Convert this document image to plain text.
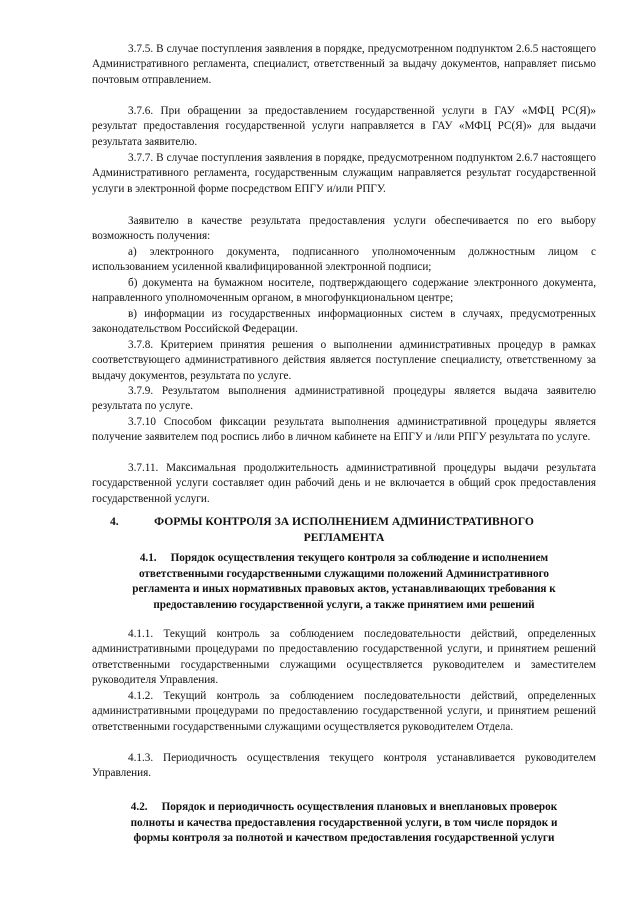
3.7.5. В случае поступления заявления в порядке, предусмотренном подпунктом 2.6.5 настоящего Административного регламента, специалист, ответственный за выдачу документов, направляет письмо почтовым отправлением.

3.7.6. При обращении за предоставлением государственной услуги в ГАУ «МФЦ РС(Я)» результат предоставления государственной услуги направляется в ГАУ «МФЦ РС(Я)» для выдачи результата заявителю.

3.7.7. В случае поступления заявления в порядке, предусмотренном подпунктом 2.6.7 настоящего Административного регламента, государственным служащим направляется результат государственной услуги в электронной форме посредством ЕПГУ и/или РПГУ.

Заявителю в качестве результата предоставления услуги обеспечивается по его выбору возможность получения:

а) электронного документа, подписанного уполномоченным должностным лицом с использованием усиленной квалифицированной электронной подписи;

б) документа на бумажном носителе, подтверждающего содержание электронного документа, направленного уполномоченным органом, в многофункциональном центре;

в) информации из государственных информационных систем в случаях, предусмотренных законодательством Российской Федерации.

3.7.8. Критерием принятия решения о выполнении административных процедур в рамках соответствующего административного действия является поступление специалисту, ответственному за выдачу документов, результата по услуге.

3.7.9. Результатом выполнения административной процедуры является выдача заявителю результата по услуге.

3.7.10 Способом фиксации результата выполнения административной процедуры является получение заявителем под роспись либо в личном кабинете на ЕПГУ и /или РПГУ результата по услуге.

3.7.11. Максимальная продолжительность административной процедуры выдачи результата государственной услуги составляет один рабочий день и не включается в общий срок предоставления государственной услуги.

4.	ФОРМЫ КОНТРОЛЯ ЗА ИСПОЛНЕНИЕМ АДМИНИСТРАТИВНОГО
РЕГЛАМЕНТА
4.1. Порядок осуществления текущего контроля за соблюдение и исполнением
ответственными государственными служащими положений Административного
регламента и иных нормативных правовых актов, устанавливающих требования к
предоставлению государственной услуги, а также принятием ими решений

4.1.1. Текущий контроль за соблюдением последовательности действий, определенных административными процедурами по предоставлению государственной услуги, и принятием решений ответственными государственными служащими осуществляется руководителем и заместителем руководителя Управления.

4.1.2. Текущий контроль за соблюдением последовательности действий, определенных административными процедурами по предоставлению государственной услуги, и принятием решений ответственными государственными служащими осуществляется руководителем Отдела.

4.1.3. Периодичность осуществления текущего контроля устанавливается руководителем Управления.

4.2. Порядок и периодичность осуществления плановых и внеплановых проверок
полноты и качества предоставления государственной услуги, в том числе порядок и
формы контроля за полнотой и качеством предоставления государственной услуги
